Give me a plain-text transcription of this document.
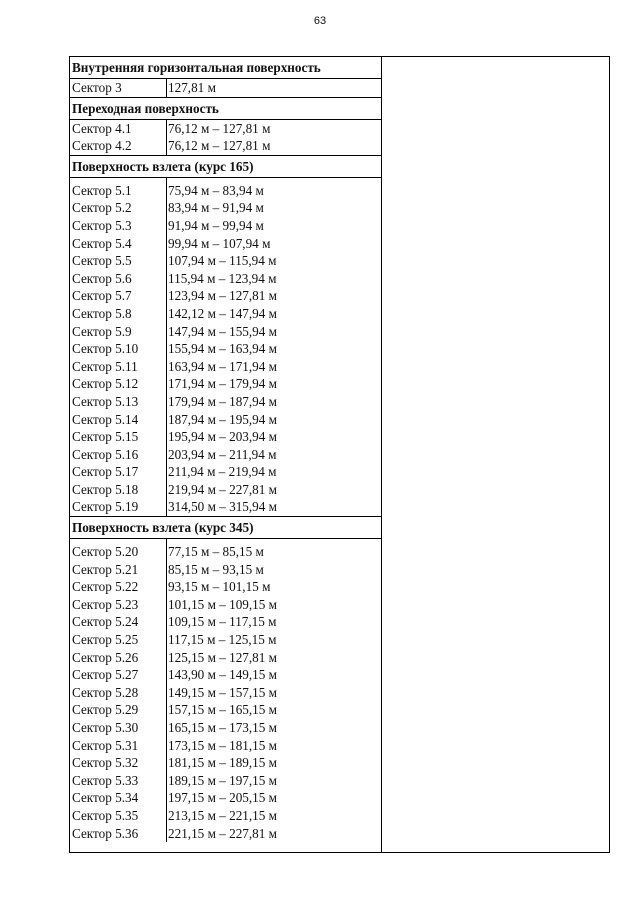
63
Внутренняя горизонтальная поверхность
Сектор 3	127,81 м
Переходная поверхность
Сектор 4.1	76,12 м – 127,81 м
Сектор 4.2	76,12 м – 127,81 м
Поверхность взлета (курс 165)
Сектор 5.1	75,94 м – 83,94 м
Сектор 5.2	83,94 м – 91,94 м
Сектор 5.3	91,94 м – 99,94 м
Сектор 5.4	99,94 м – 107,94 м
Сектор 5.5	107,94 м – 115,94 м
Сектор 5.6	115,94 м – 123,94 м
Сектор 5.7	123,94 м – 127,81 м
Сектор 5.8	142,12 м – 147,94 м
Сектор 5.9	147,94 м – 155,94 м
Сектор 5.10 155,94 м – 163,94 м
Сектор 5.11 163,94 м – 171,94 м
Сектор 5.12 171,94 м – 179,94 м
Сектор 5.13 179,94 м – 187,94 м
Сектор 5.14 187,94 м – 195,94 м
Сектор 5.15 195,94 м – 203,94 м
Сектор 5.16 203,94 м – 211,94 м
Сектор 5.17 211,94 м – 219,94 м
Сектор 5.18 219,94 м – 227,81 м
Сектор 5.19 314,50 м – 315,94 м
Поверхность взлета (курс 345)
Сектор 5.20 77,15 м – 85,15 м
Сектор 5.21 85,15 м – 93,15 м
Сектор 5.22 93,15 м – 101,15 м
Сектор 5.23 101,15 м – 109,15 м
Сектор 5.24 109,15 м – 117,15 м
Сектор 5.25 117,15 м – 125,15 м
Сектор 5.26 125,15 м – 127,81 м
Сектор 5.27 143,90 м – 149,15 м
Сектор 5.28 149,15 м – 157,15 м
Сектор 5.29 157,15 м – 165,15 м
Сектор 5.30 165,15 м – 173,15 м
Сектор 5.31 173,15 м – 181,15 м
Сектор 5.32 181,15 м – 189,15 м
Сектор 5.33 189,15 м – 197,15 м
Сектор 5.34 197,15 м – 205,15 м
Сектор 5.35 213,15 м – 221,15 м
Сектор 5.36 221,15 м – 227,81 м
